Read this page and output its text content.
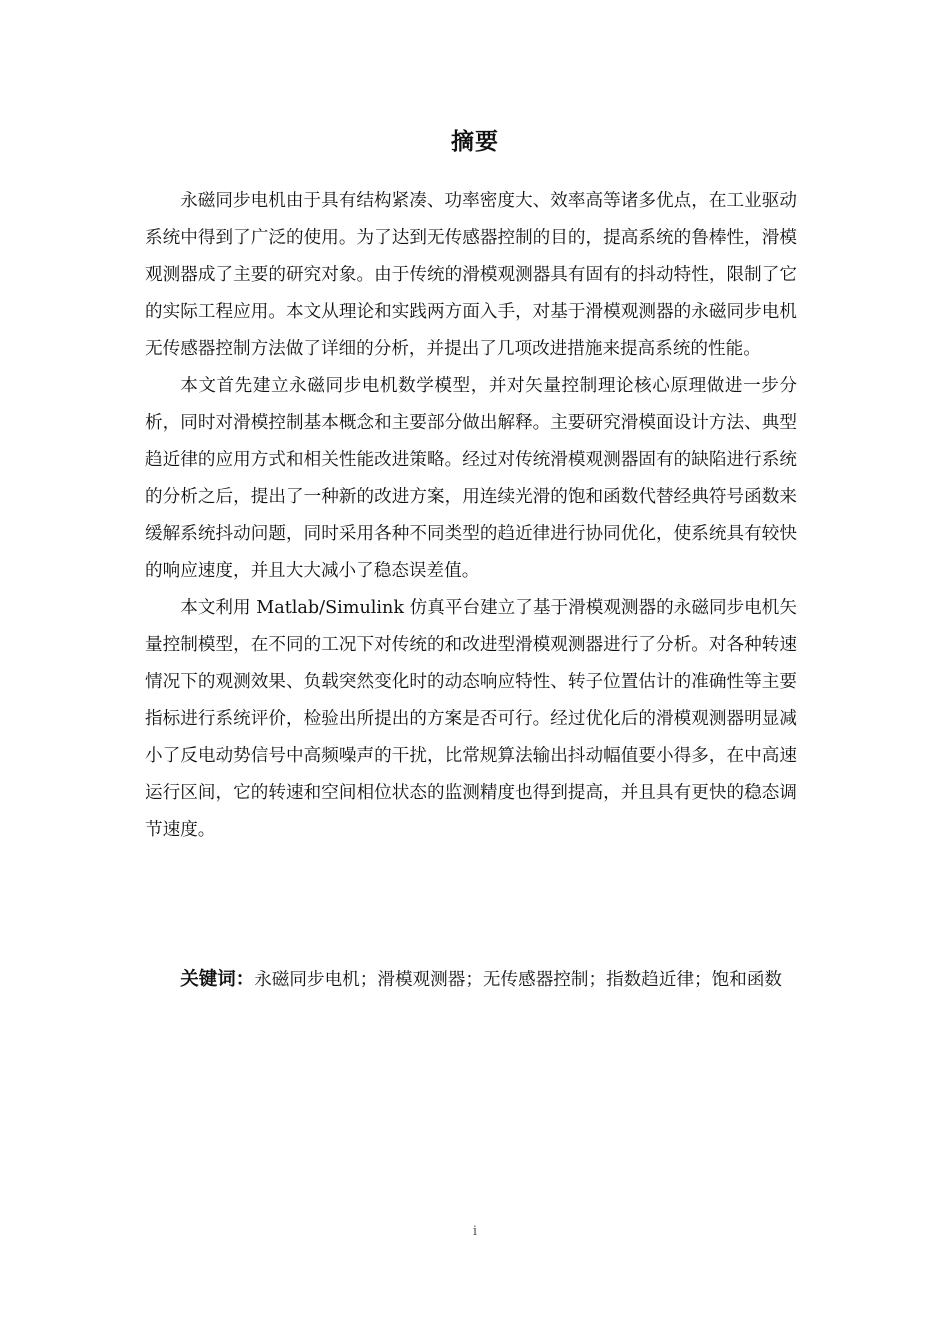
摘要

永磁同步电机由于具有结构紧凑、功率密度大、效率高等诸多优点，在工业驱动系统中得到了广泛的使用。为了达到无传感器控制的目的，提高系统的鲁棒性，滑模观测器成了主要的研究对象。由于传统的滑模观测器具有固有的抖动特性，限制了它的实际工程应用。本文从理论和实践两方面入手，对基于滑模观测器的永磁同步电机无传感器控制方法做了详细的分析，并提出了几项改进措施来提高系统的性能。

本文首先建立永磁同步电机数学模型，并对矢量控制理论核心原理做进一步分析，同时对滑模控制基本概念和主要部分做出解释。主要研究滑模面设计方法、典型趋近律的应用方式和相关性能改进策略。经过对传统滑模观测器固有的缺陷进行系统的分析之后，提出了一种新的改进方案，用连续光滑的饱和函数代替经典符号函数来缓解系统抖动问题，同时采用各种不同类型的趋近律进行协同优化，使系统具有较快的响应速度，并且大大减小了稳态误差值。

本文利用 Matlab/Simulink 仿真平台建立了基于滑模观测器的永磁同步电机矢量控制模型，在不同的工况下对传统的和改进型滑模观测器进行了分析。对各种转速情况下的观测效果、负载突然变化时的动态响应特性、转子位置估计的准确性等主要指标进行系统评价，检验出所提出的方案是否可行。经过优化后的滑模观测器明显减小了反电动势信号中高频噪声的干扰，比常规算法输出抖动幅值要小得多，在中高速运行区间，它的转速和空间相位状态的监测精度也得到提高，并且具有更快的稳态调节速度。

关键词：永磁同步电机；滑模观测器；无传感器控制；指数趋近律；饱和函数
i
